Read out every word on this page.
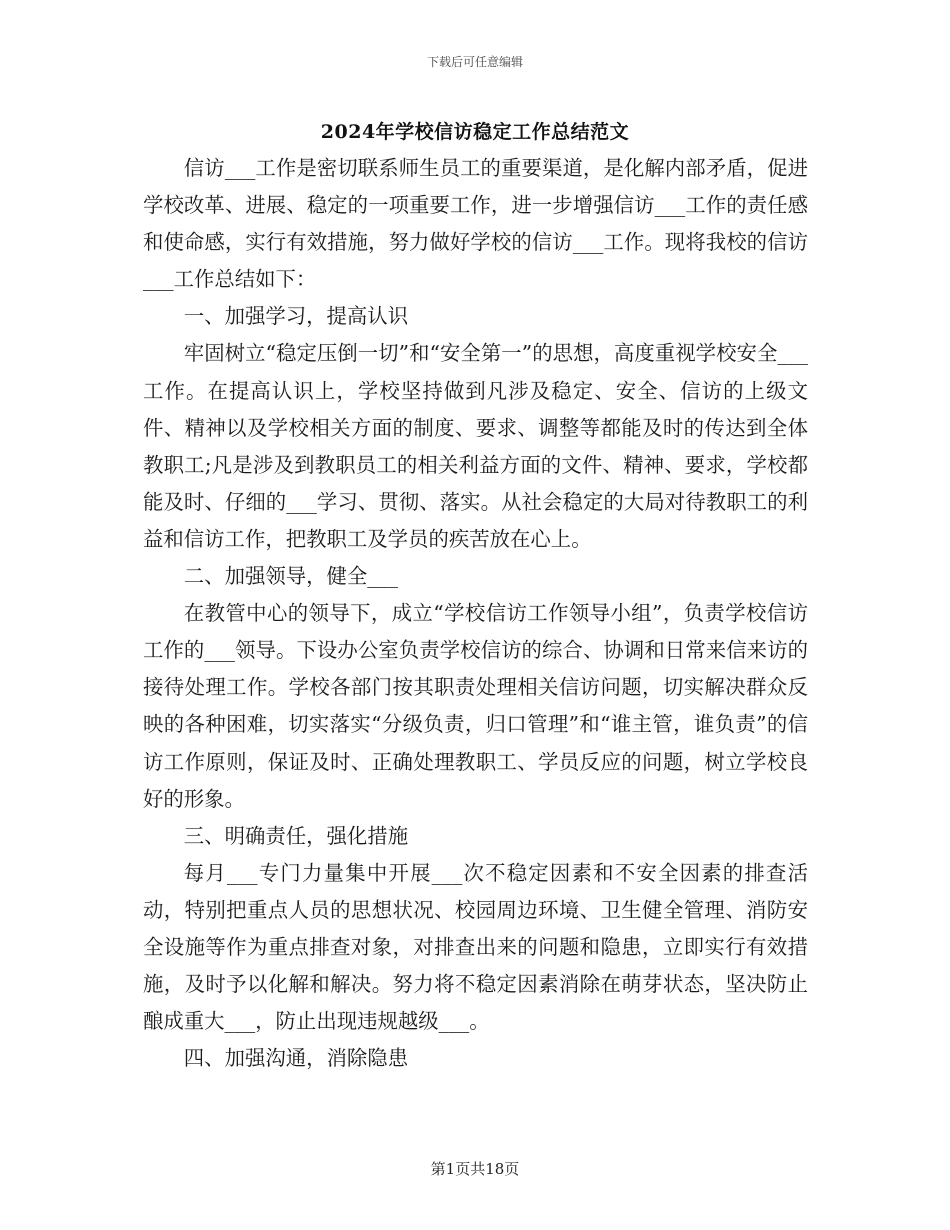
下载后可任意编辑
2024年学校信访稳定工作总结范文

信访___工作是密切联系师生员工的重要渠道，是化解内部矛盾，促进学校改革、进展、稳定的一项重要工作，进一步增强信访___工作的责任感和使命感，实行有效措施，努力做好学校的信访___工作。现将我校的信访___工作总结如下：

一、加强学习，提高认识

牢固树立“稳定压倒一切”和“安全第一”的思想，高度重视学校安全___工作。在提高认识上，学校坚持做到凡涉及稳定、安全、信访的上级文件、精神以及学校相关方面的制度、要求、调整等都能及时的传达到全体教职工;凡是涉及到教职员工的相关利益方面的文件、精神、要求，学校都能及时、仔细的___学习、贯彻、落实。从社会稳定的大局对待教职工的利益和信访工作，把教职工及学员的疾苦放在心上。

二、加强领导，健全___

在教管中心的领导下，成立“学校信访工作领导小组”，负责学校信访工作的___领导。下设办公室负责学校信访的综合、协调和日常来信来访的接待处理工作。学校各部门按其职责处理相关信访问题，切实解决群众反映的各种困难，切实落实“分级负责，归口管理”和“谁主管，谁负责”的信访工作原则，保证及时、正确处理教职工、学员反应的问题，树立学校良好的形象。

三、明确责任，强化措施

每月___专门力量集中开展___次不稳定因素和不安全因素的排查活动，特别把重点人员的思想状况、校园周边环境、卫生健全管理、消防安全设施等作为重点排查对象，对排查出来的问题和隐患，立即实行有效措施，及时予以化解和解决。努力将不稳定因素消除在萌芽状态，坚决防止酿成重大___，防止出现违规越级___。

四、加强沟通，消除隐患

第1页共18页
